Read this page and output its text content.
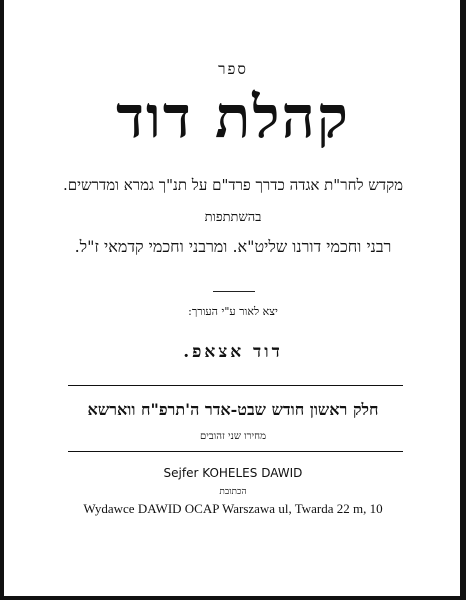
ספר
קהלת דוד
מקדש לחר"ת אגדה כדרך פרד"ם על תנ"ך גמרא ומדרשים.
בהשתתפות
רבני וחכמי דורנו שליט"א. ומרבני וחכמי קדמאי ז"ל.
יצא לאור ע"י העורך:
דוד אצאפ.
חלק ראשון חודש שבט-אדר ה'תרפ"ח ווארשא
מחירו שני זהובים
Sejfer KOHELES DAWID
הכתובת
Wydawce DAWID OCAP Warszawa ul, Twarda 22 m, 10
